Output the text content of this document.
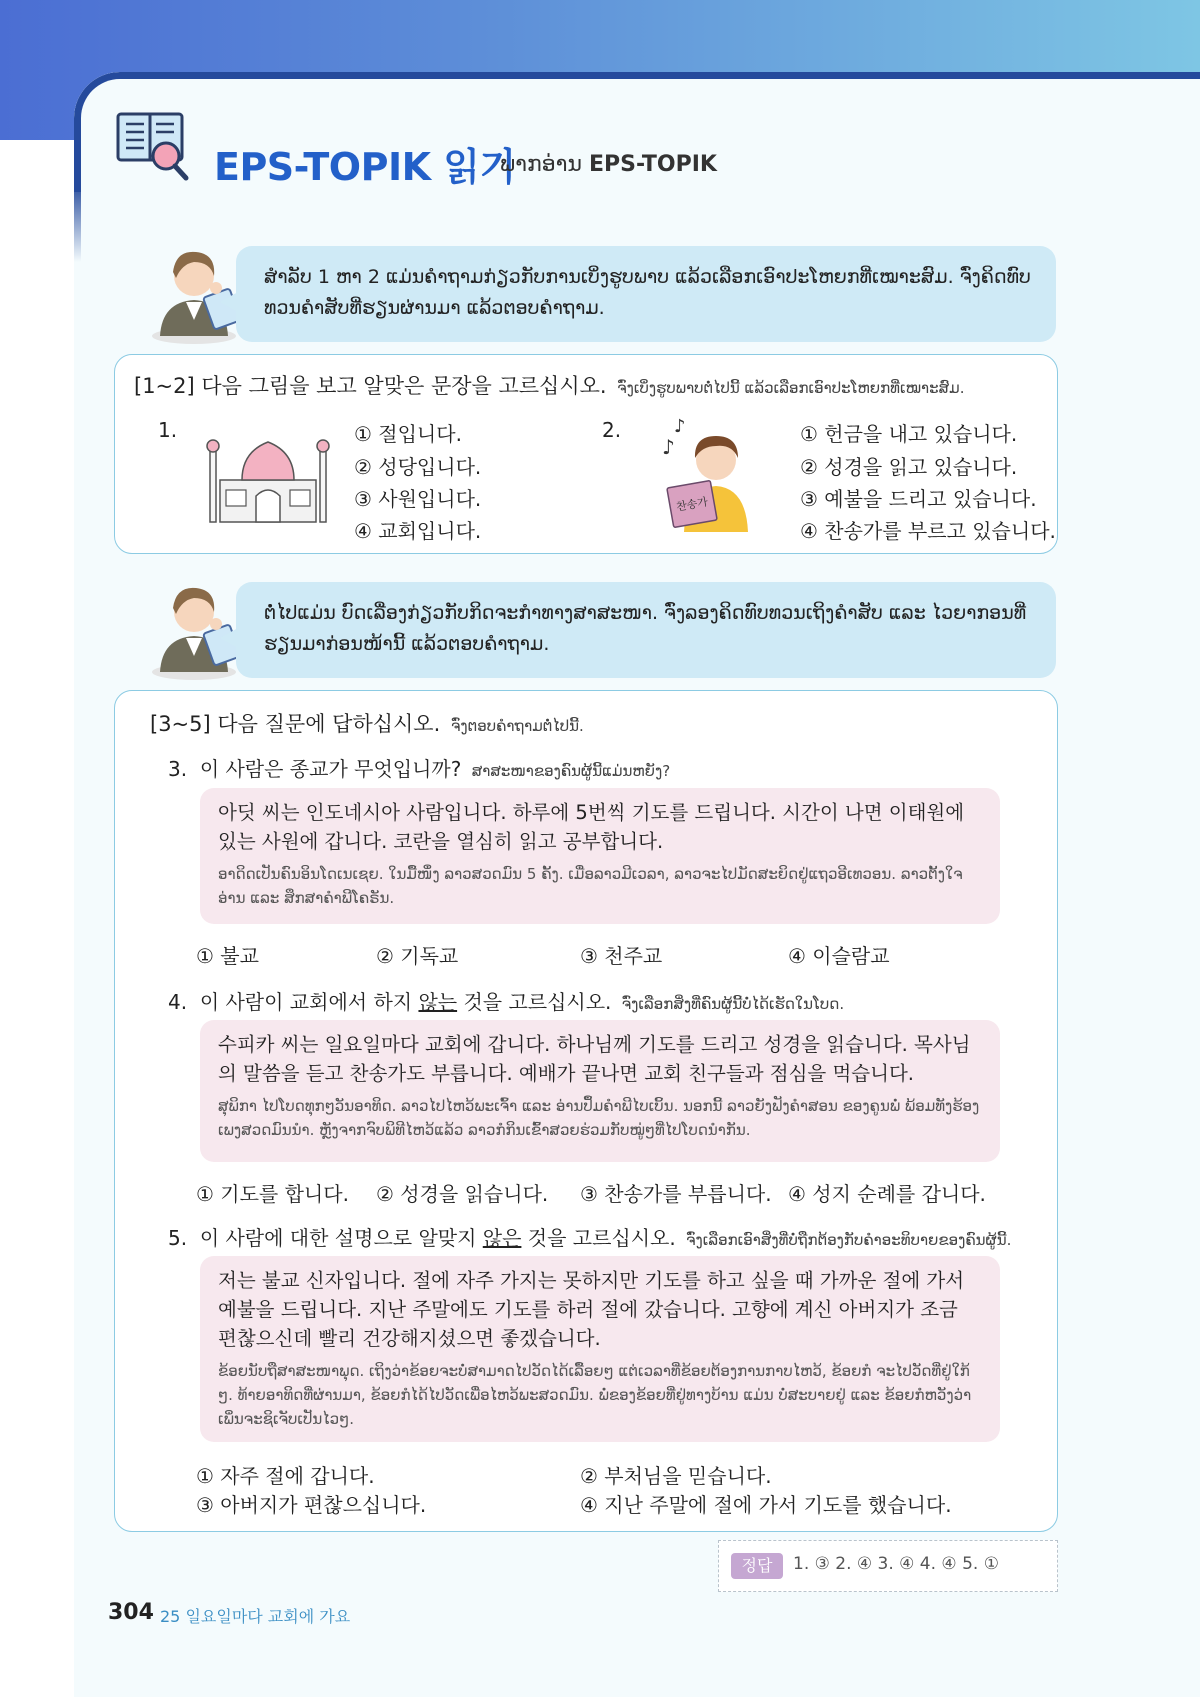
EPS-TOPIK 읽기
ພາກອ່ານ EPS-TOPIK
ສຳລັບ 1 ຫາ 2 ແມ່ນຄຳຖາມກ່ຽວກັບການເບິ່ງຮູບພາບ ແລ້ວເລືອກເອົາປະໂຫຍກທີ່ເໝາະສົມ. ຈົ່ງຄິດທົບທວນຄຳສັບທີ່ຮຽນຜ່ານມາ ແລ້ວຕອບຄຳຖາມ.
[1~2] 다음 그림을 보고 알맞은 문장을 고르십시오. ຈົ່ງເບິ່ງຮູບພາບຕໍ່ໄປນີ້ ແລ້ວເລືອກເອົາປະໂຫຍກທີ່ເໝາະສົມ.
1.	① 절입니다.
② 성당입니다.
③ 사원입니다.
④ 교회입니다.
2.
♪
♪
찬송가
① 헌금을 내고 있습니다.
② 성경을 읽고 있습니다.
③ 예불을 드리고 있습니다.
④ 찬송가를 부르고 있습니다.
ຕໍ່ໄປແມ່ນ ບົດເລື່ອງກ່ຽວກັບກິດຈະກຳທາງສາສະໜາ. ຈົ່ງລອງຄິດທົບທວນເຖິງຄຳສັບ ແລະ ໄວຍາກອນທີ່ຮຽນມາກ່ອນໜ້ານີ້ ແລ້ວຕອບຄຳຖາມ.
[3~5] 다음 질문에 답하십시오. ຈົ່ງຕອບຄຳຖາມຕໍ່ໄປນີ້.
3. 이 사람은 종교가 무엇입니까? ສາສະໜາຂອງຄົນຜູ້ນີ້ແມ່ນຫຍັງ?
아딧 씨는 인도네시아 사람입니다. 하루에 5번씩 기도를 드립니다. 시간이 나면 이태원에 있는 사원에 갑니다. 코란을 열심히 읽고 공부합니다.
ອາດິດເປັນຄົນອິນໂດເນເຊຍ. ໃນມື້ໜຶ່ງ ລາວສວດມົນ 5 ຄັ້ງ. ເມື່ອລາວມີເວລາ, ລາວຈະໄປມັດສະຍິດຢູ່ແຖວອີເທວອນ. ລາວຕັ້ງໃຈອ່ານ ແລະ ສຶກສາຄຳພີໂຄຣັນ.
① 불교	② 기독교	③ 천주교	④ 이슬람교
4. 이 사람이 교회에서 하지 않는 것을 고르십시오. ຈົ່ງເລືອກສິ່ງທີ່ຄົນຜູ້ນີ້ບໍ່ໄດ້ເຮັດໃນໂບດ.
수피카 씨는 일요일마다 교회에 갑니다. 하나님께 기도를 드리고 성경을 읽습니다. 목사님의 말씀을 듣고 찬송가도 부릅니다. 예배가 끝나면 교회 친구들과 점심을 먹습니다.
ສຸພິກາ ໄປໂບດທຸກໆວັນອາທິດ. ລາວໄປໄຫວ້ພະເຈົ້າ ແລະ ອ່ານປຶ້ມຄຳພີໄບເບິ້ນ. ນອກນີ້ ລາວຍັງຟັງຄຳສອນ ຂອງຄູນພໍ່ ພ້ອມທັງຮ້ອງເພງສວດມົນນຳ. ຫຼັງຈາກຈົບພິທີໄຫວ້ແລ້ວ ລາວກໍກິນເຂົ້າສວຍຮ່ວມກັບໝູ່ໆທີ່ໄປໂບດນຳກັນ.
① 기도를 합니다. ② 성경을 읽습니다. ③ 찬송가를 부릅니다. ④ 성지 순례를 갑니다.
5. 이 사람에 대한 설명으로 알맞지 않은 것을 고르십시오. ຈົ່ງເລືອກເອົາສິ່ງທີ່ບໍ່ຖືກຕ້ອງກັບຄຳອະທິບາຍຂອງຄົນຜູ້ນີ້.
저는 불교 신자입니다. 절에 자주 가지는 못하지만 기도를 하고 싶을 때 가까운 절에 가서 예불을 드립니다. 지난 주말에도 기도를 하러 절에 갔습니다. 고향에 계신 아버지가 조금 편찮으신데 빨리 건강해지셨으면 좋겠습니다.
ຂ້ອຍນັບຖືສາສະໜາພຸດ. ເຖິງວ່າຂ້ອຍຈະບໍ່ສາມາດໄປວັດໄດ້ເລື້ອຍໆ ແຕ່ເວລາທີ່ຂ້ອຍຕ້ອງການກາບໄຫວ້, ຂ້ອຍກໍ ຈະໄປວັດທີ່ຢູ່ໃກ້ໆ. ທ້າຍອາທິດທີ່ຜ່ານມາ, ຂ້ອຍກໍໄດ້ໄປວັດເພື່ອໄຫວ້ພະສວດມົນ. ພໍ່ຂອງຂ້ອຍທີ່ຢູ່ທາງບ້ານ ແມ່ນ ບໍ່ສະບາຍຢູ່ ແລະ ຂ້ອຍກໍຫວັງວ່າເພິ່ນຈະຊິເຈັບເປັນໄວໆ.
① 자주 절에 갑니다.	② 부처님을 믿습니다.
③ 아버지가 편찮으십니다.	④ 지난 주말에 절에 가서 기도를 했습니다.
정답	1. ③ 2. ④ 3. ④ 4. ④ 5. ①
304 25 일요일마다 교회에 가요
